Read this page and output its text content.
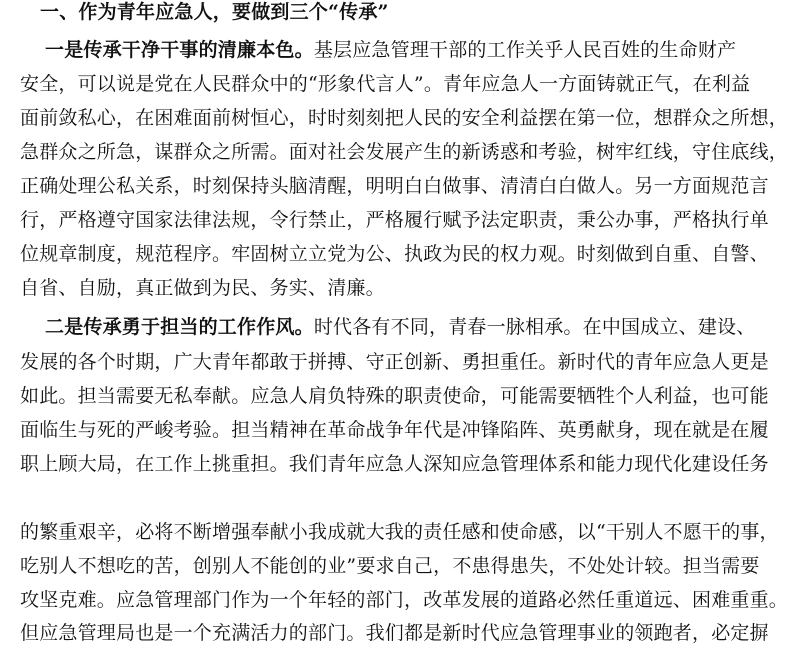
一、作为青年应急人，要做到三个“传承”
一是传承干净干事的清廉本色。基层应急管理干部的工作关乎人民百姓的生命财产
安全，可以说是党在人民群众中的“形象代言人”。青年应急人一方面铸就正气，在利益
面前敛私心，在困难面前树恒心，时时刻刻把人民的安全利益摆在第一位，想群众之所想，
急群众之所急，谋群众之所需。面对社会发展产生的新诱惑和考验，树牢红线，守住底线，
正确处理公私关系，时刻保持头脑清醒，明明白白做事、清清白白做人。另一方面规范言
行，严格遵守国家法律法规，令行禁止，严格履行赋予法定职责，秉公办事，严格执行单
位规章制度，规范程序。牢固树立立党为公、执政为民的权力观。时刻做到自重、自警、
自省、自励，真正做到为民、务实、清廉。
二是传承勇于担当的工作作风。时代各有不同，青春一脉相承。在中国成立、建设、
发展的各个时期，广大青年都敢于拼搏、守正创新、勇担重任。新时代的青年应急人更是
如此。担当需要无私奉献。应急人肩负特殊的职责使命，可能需要牺牲个人利益，也可能
面临生与死的严峻考验。担当精神在革命战争年代是冲锋陷阵、英勇献身，现在就是在履
职上顾大局，在工作上挑重担。我们青年应急人深知应急管理体系和能力现代化建设任务
的繁重艰辛，必将不断增强奉献小我成就大我的责任感和使命感，以“干别人不愿干的事，
吃别人不想吃的苦，创别人不能创的业”要求自己，不患得患失，不处处计较。担当需要
攻坚克难。应急管理部门作为一个年轻的部门，改革发展的道路必然任重道远、困难重重。
但应急管理局也是一个充满活力的部门。我们都是新时代应急管理事业的领跑者，必定摒
